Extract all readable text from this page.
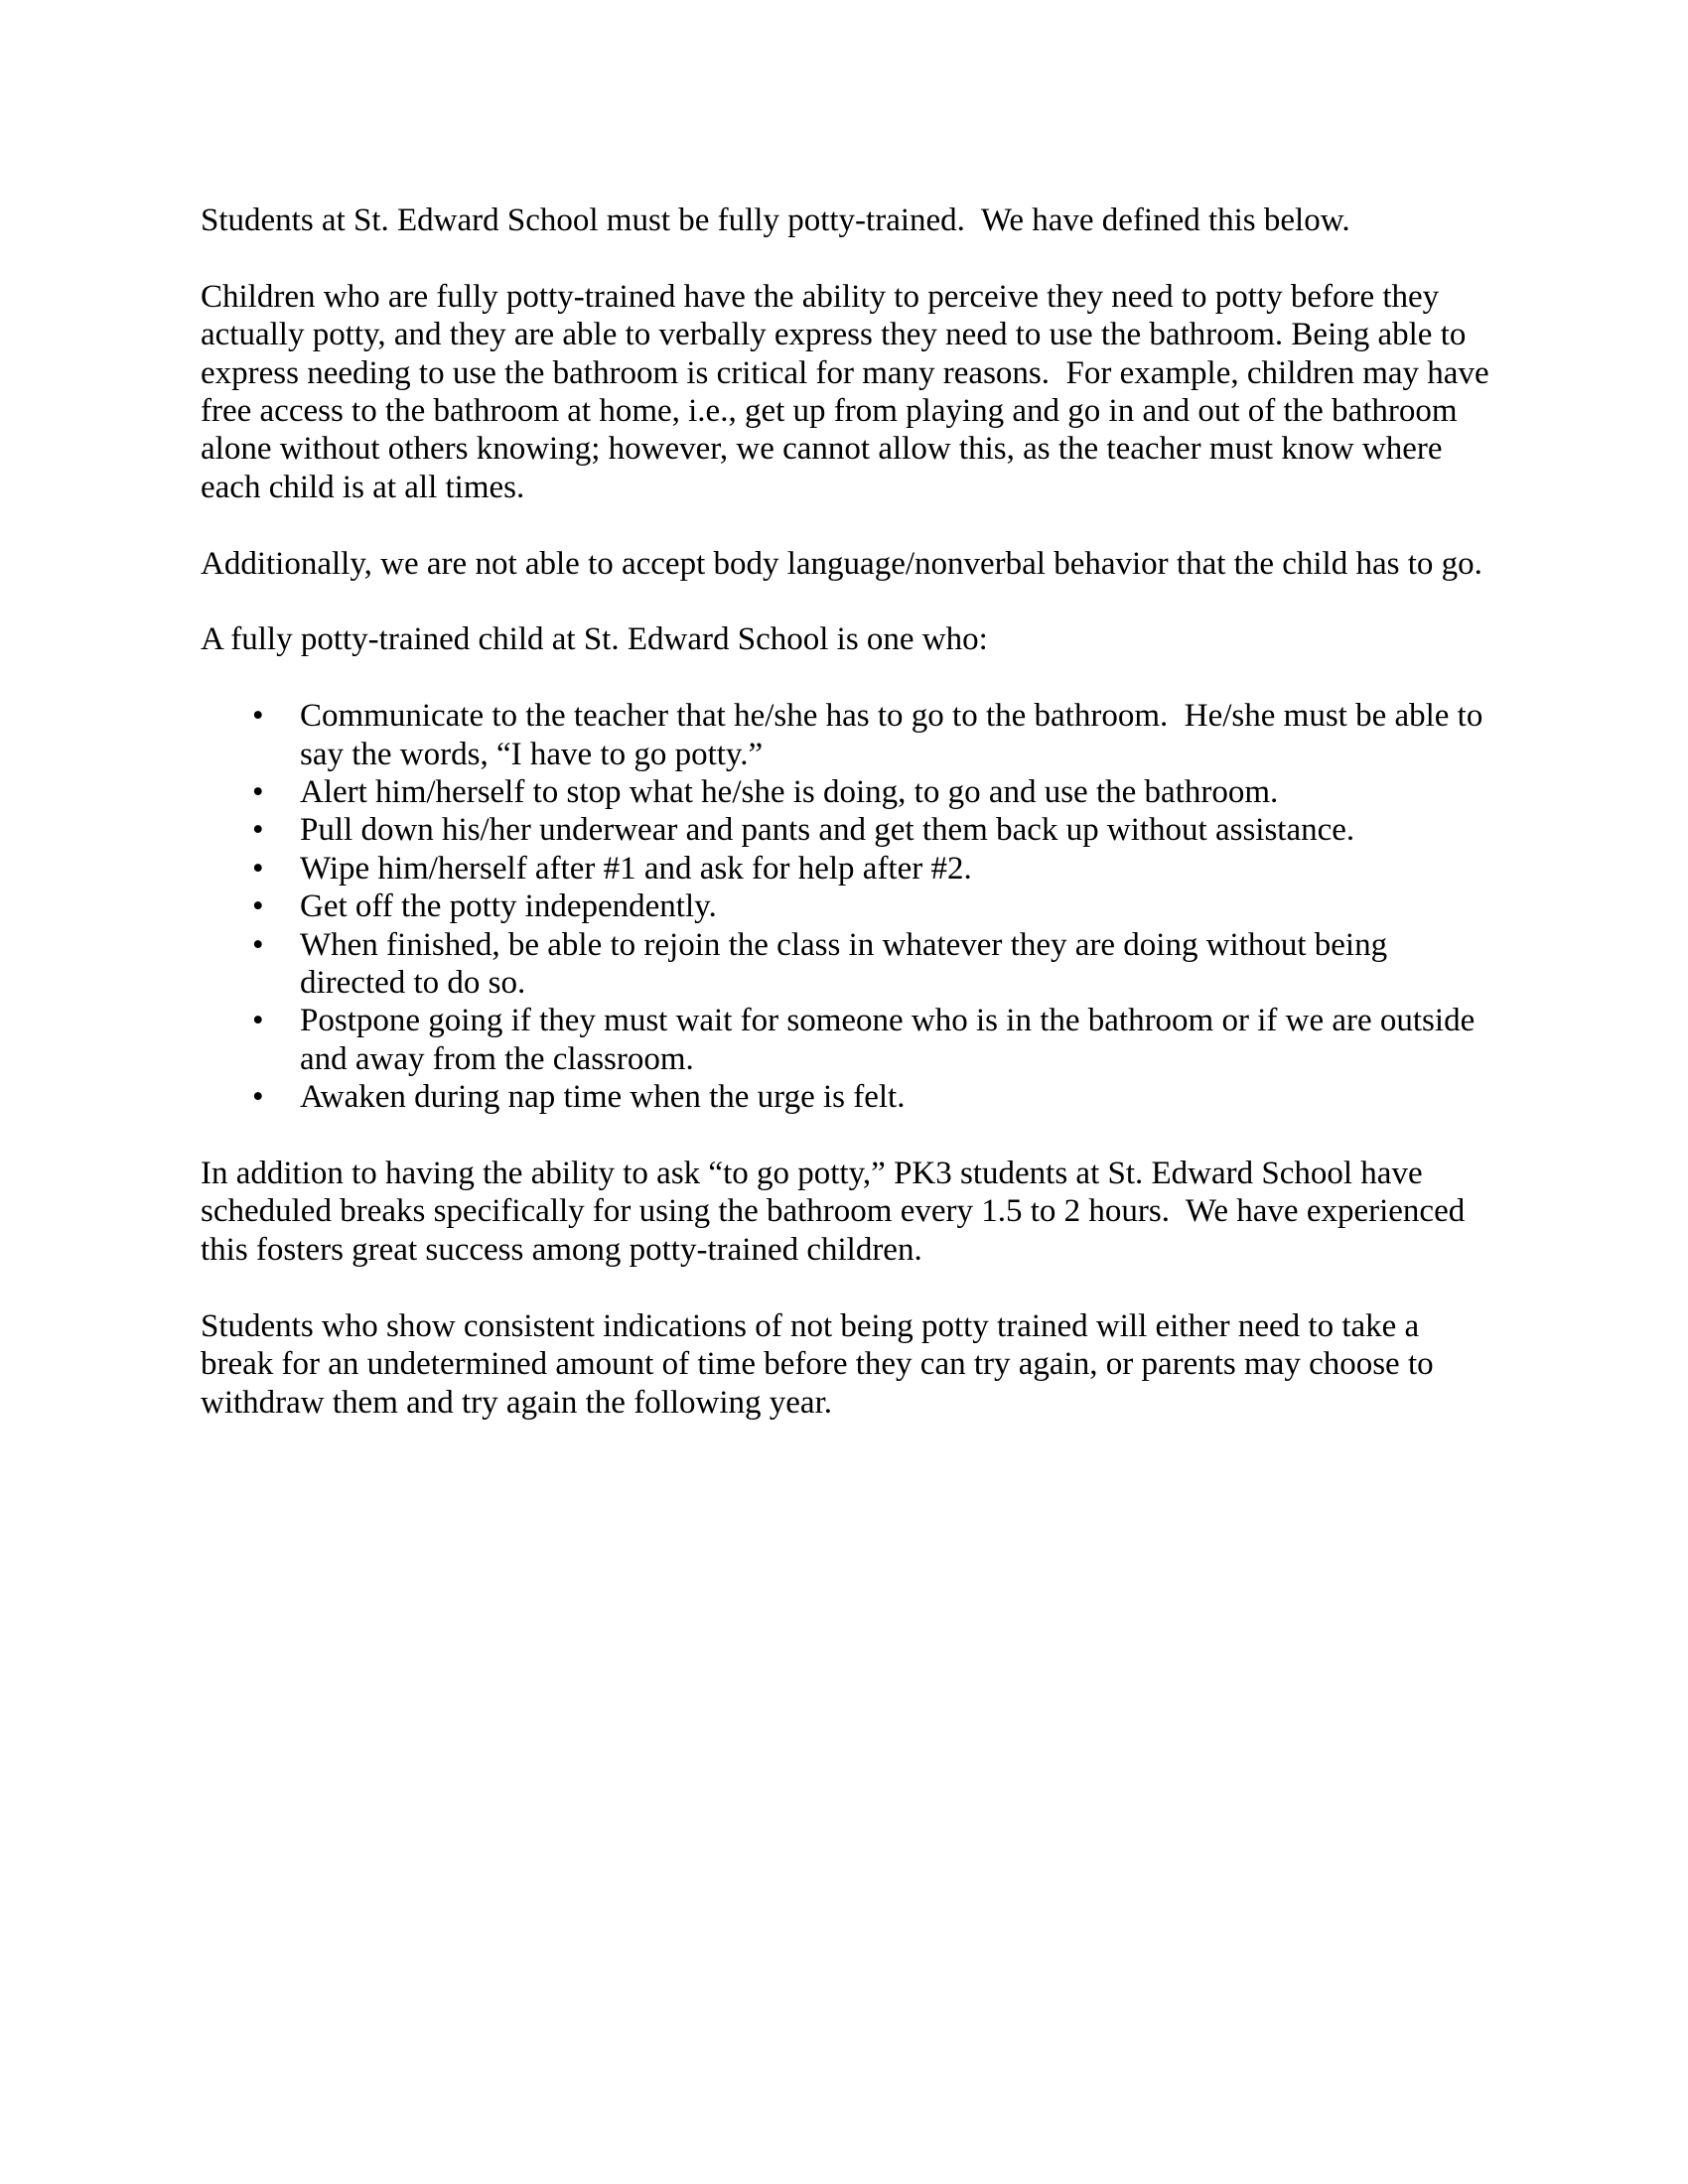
Students at St. Edward School must be fully potty-trained.  We have defined this below.

Children who are fully potty-trained have the ability to perceive they need to potty before they actually potty, and they are able to verbally express they need to use the bathroom. Being able to express needing to use the bathroom is critical for many reasons.  For example, children may have free access to the bathroom at home, i.e., get up from playing and go in and out of the bathroom alone without others knowing; however, we cannot allow this, as the teacher must know where each child is at all times.

Additionally, we are not able to accept body language/nonverbal behavior that the child has to go.

A fully potty-trained child at St. Edward School is one who:

• Communicate to the teacher that he/she has to go to the bathroom.  He/she must be able to say the words, “I have to go potty.”
• Alert him/herself to stop what he/she is doing, to go and use the bathroom.
• Pull down his/her underwear and pants and get them back up without assistance.
• Wipe him/herself after #1 and ask for help after #2.
• Get off the potty independently.
• When finished, be able to rejoin the class in whatever they are doing without being directed to do so.
• Postpone going if they must wait for someone who is in the bathroom or if we are outside and away from the classroom.
• Awaken during nap time when the urge is felt.

In addition to having the ability to ask “to go potty,” PK3 students at St. Edward School have scheduled breaks specifically for using the bathroom every 1.5 to 2 hours.  We have experienced this fosters great success among potty-trained children.

Students who show consistent indications of not being potty trained will either need to take a break for an undetermined amount of time before they can try again, or parents may choose to withdraw them and try again the following year.
